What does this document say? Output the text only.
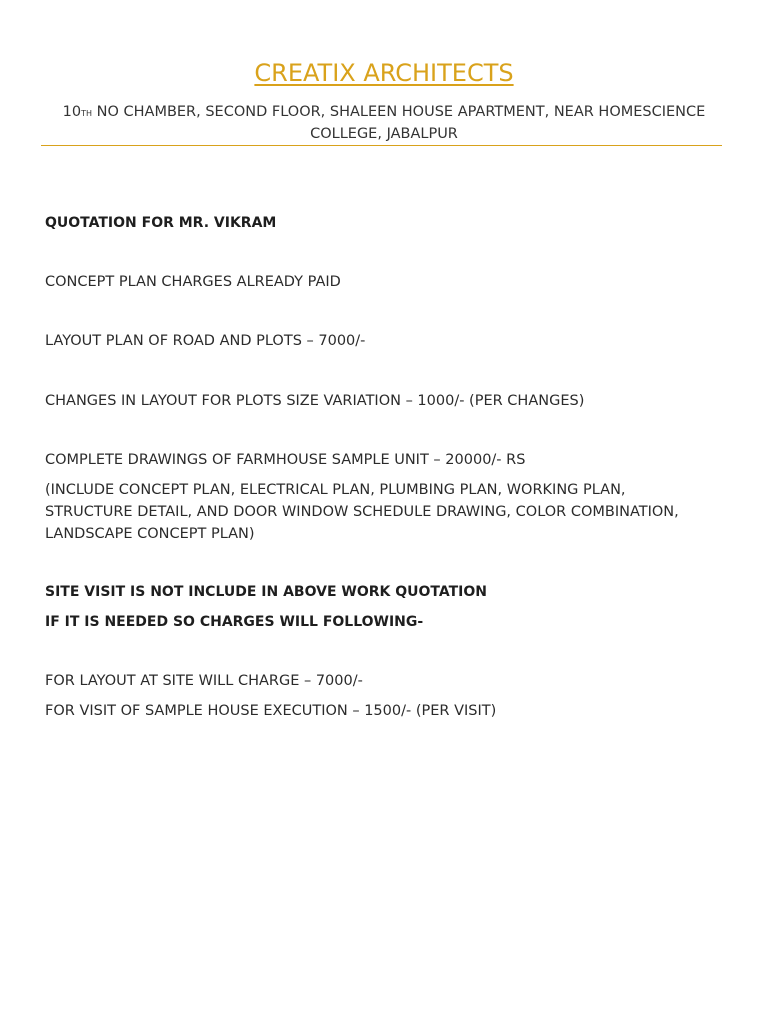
CREATIX ARCHITECTS

10TH NO CHAMBER, SECOND FLOOR, SHALEEN HOUSE APARTMENT, NEAR HOMESCIENCE COLLEGE, JABALPUR

QUOTATION FOR MR. VIKRAM

CONCEPT PLAN CHARGES ALREADY PAID

LAYOUT PLAN OF ROAD AND PLOTS – 7000/-

CHANGES IN LAYOUT FOR PLOTS SIZE VARIATION – 1000/- (PER CHANGES)

COMPLETE DRAWINGS OF FARMHOUSE SAMPLE UNIT – 20000/- RS

(INCLUDE CONCEPT PLAN, ELECTRICAL PLAN, PLUMBING PLAN, WORKING PLAN, STRUCTURE DETAIL, AND DOOR WINDOW SCHEDULE DRAWING, COLOR COMBINATION, LANDSCAPE CONCEPT PLAN)

SITE VISIT IS NOT INCLUDE IN ABOVE WORK QUOTATION

IF IT IS NEEDED SO CHARGES WILL FOLLOWING-

FOR LAYOUT AT SITE WILL CHARGE – 7000/-

FOR VISIT OF SAMPLE HOUSE EXECUTION – 1500/- (PER VISIT)
